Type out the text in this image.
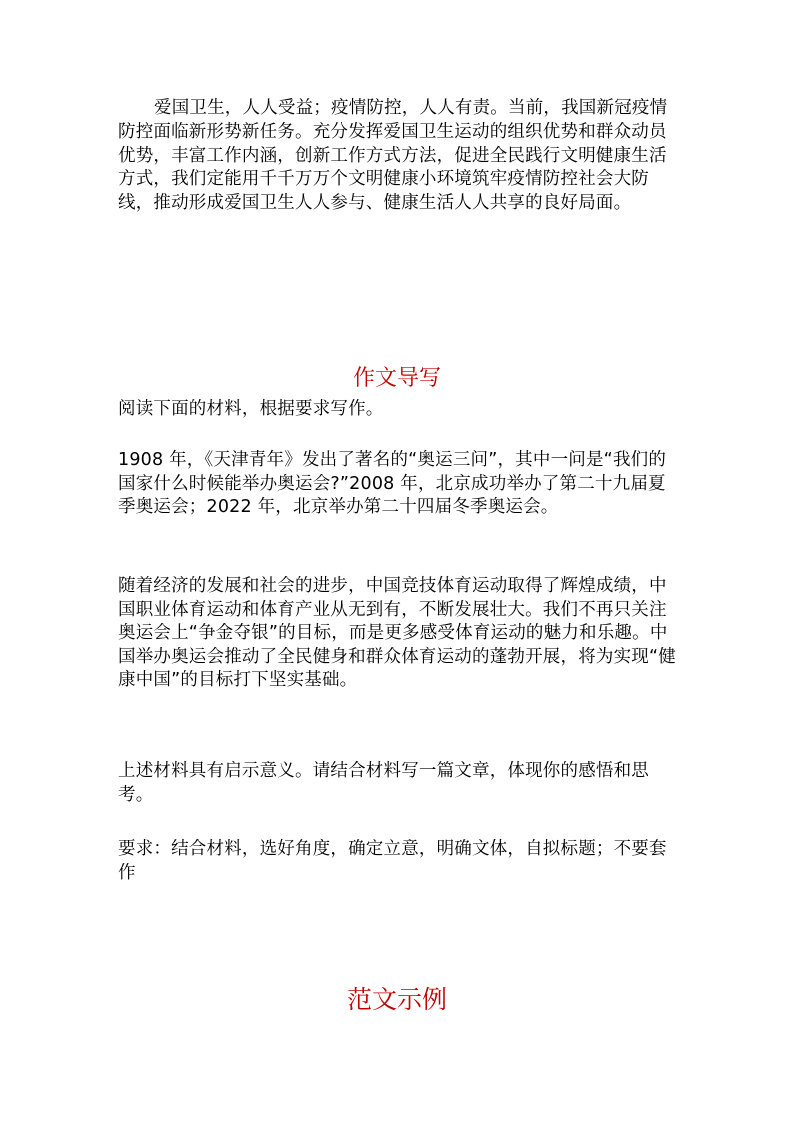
爱国卫生，人人受益；疫情防控，人人有责。当前，我国新冠疫情防控面临新形势新任务。充分发挥爱国卫生运动的组织优势和群众动员优势，丰富工作内涵，创新工作方式方法，促进全民践行文明健康生活方式，我们定能用千千万万个文明健康小环境筑牢疫情防控社会大防线，推动形成爱国卫生人人参与、健康生活人人共享的良好局面。

作文导写

阅读下面的材料，根据要求写作。

1908 年，《天津青年》发出了著名的“奥运三问”，其中一问是“我们的国家什么时候能举办奥运会?”2008 年，北京成功举办了第二十九届夏季奥运会；2022 年，北京举办第二十四届冬季奥运会。

随着经济的发展和社会的进步，中国竞技体育运动取得了辉煌成绩，中国职业体育运动和体育产业从无到有，不断发展壮大。我们不再只关注奥运会上“争金夺银”的目标，而是更多感受体育运动的魅力和乐趣。中国举办奥运会推动了全民健身和群众体育运动的蓬勃开展，将为实现“健康中国”的目标打下坚实基础。

上述材料具有启示意义。请结合材料写一篇文章，体现你的感悟和思考。

要求：结合材料，选好角度，确定立意，明确文体，自拟标题；不要套作

范文示例
